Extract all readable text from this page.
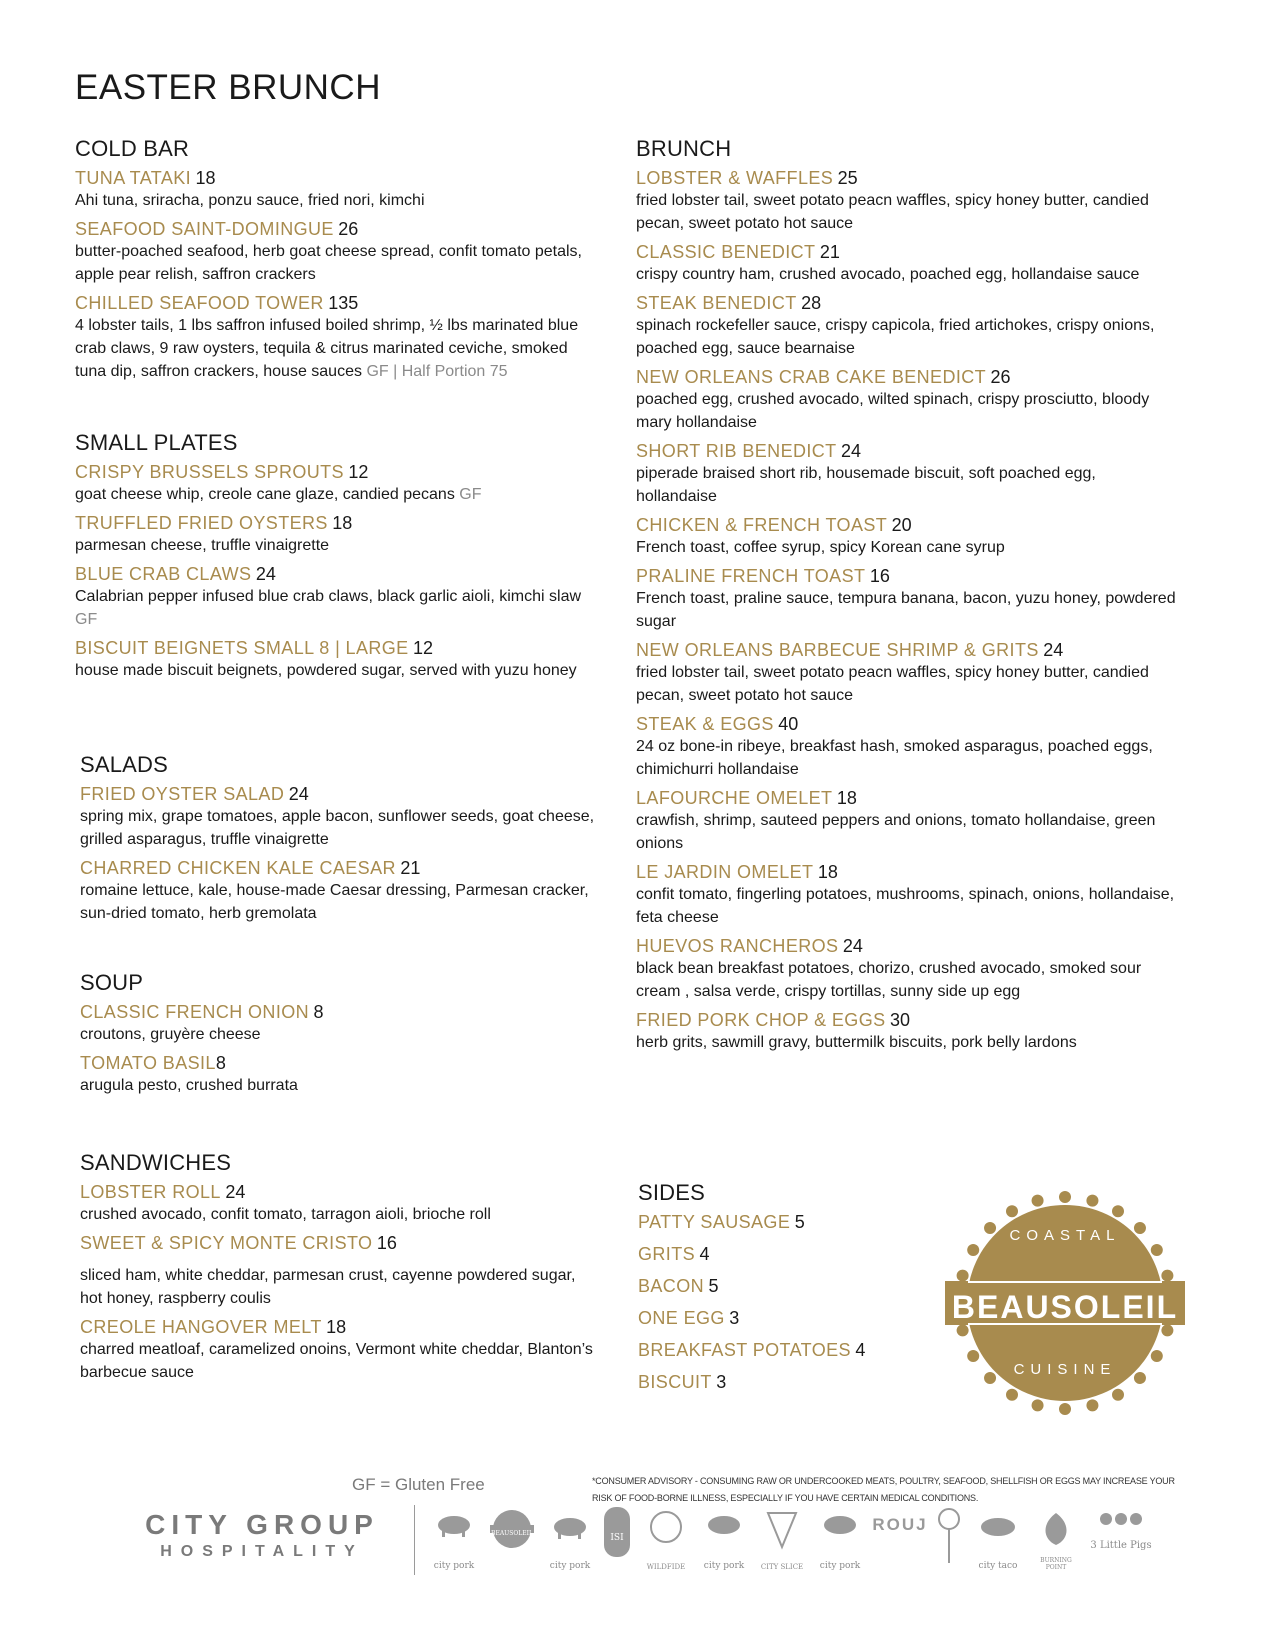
EASTER BRUNCH
COLD BAR
TUNA TATAKI 18
Ahi tuna, sriracha, ponzu sauce, fried nori, kimchi
SEAFOOD SAINT-DOMINGUE 26
butter-poached seafood, herb goat cheese spread, confit tomato petals, apple pear relish, saffron crackers
CHILLED SEAFOOD TOWER 135
4 lobster tails, 1 lbs saffron infused boiled shrimp, ½ lbs marinated blue crab claws, 9 raw oysters, tequila & citrus marinated ceviche, smoked tuna dip, saffron crackers, house sauces GF | Half Portion 75
SMALL PLATES
CRISPY BRUSSELS SPROUTS 12
goat cheese whip, creole cane glaze, candied pecans GF
TRUFFLED FRIED OYSTERS 18
parmesan cheese, truffle vinaigrette
BLUE CRAB CLAWS 24
Calabrian pepper infused blue crab claws, black garlic aioli, kimchi slaw GF
BISCUIT BEIGNETS SMALL 8 | LARGE 12
house made biscuit beignets, powdered sugar, served with yuzu honey
SALADS
FRIED OYSTER SALAD 24
spring mix, grape tomatoes, apple bacon, sunflower seeds, goat cheese, grilled asparagus, truffle vinaigrette
CHARRED CHICKEN KALE CAESAR 21
romaine lettuce, kale, house-made Caesar dressing, Parmesan cracker, sun-dried tomato, herb gremolata
SOUP
CLASSIC FRENCH ONION 8
croutons, gruyère cheese
TOMATO BASIL8
arugula pesto, crushed burrata
SANDWICHES
LOBSTER ROLL 24
crushed avocado, confit tomato, tarragon aioli, brioche roll
SWEET & SPICY MONTE CRISTO 16
sliced ham, white cheddar, parmesan crust, cayenne powdered sugar, hot honey, raspberry coulis
CREOLE HANGOVER MELT 18
charred meatloaf, caramelized onoins, Vermont white cheddar, Blanton’s barbecue sauce
BRUNCH
LOBSTER & WAFFLES 25
fried lobster tail, sweet potato peacn waffles, spicy honey butter, candied pecan, sweet potato hot sauce
CLASSIC BENEDICT 21
crispy country ham, crushed avocado, poached egg, hollandaise sauce
STEAK BENEDICT 28
spinach rockefeller sauce, crispy capicola, fried artichokes, crispy onions, poached egg, sauce bearnaise
NEW ORLEANS CRAB CAKE BENEDICT 26
poached egg, crushed avocado, wilted spinach, crispy prosciutto, bloody mary hollandaise
SHORT RIB BENEDICT 24
piperade braised short rib, housemade biscuit, soft poached egg, hollandaise
CHICKEN & FRENCH TOAST 20
French toast, coffee syrup, spicy Korean cane syrup
PRALINE FRENCH TOAST 16
French toast, praline sauce, tempura banana, bacon, yuzu honey, powdered sugar
NEW ORLEANS BARBECUE SHRIMP & GRITS 24
fried lobster tail, sweet potato peacn waffles, spicy honey butter, candied pecan, sweet potato hot sauce
STEAK & EGGS 40
24 oz bone-in ribeye, breakfast hash, smoked asparagus, poached eggs, chimichurri hollandaise
LAFOURCHE OMELET 18
crawfish, shrimp, sauteed peppers and onions, tomato hollandaise, green onions
LE JARDIN OMELET 18
confit tomato, fingerling potatoes, mushrooms, spinach, onions, hollandaise, feta cheese
HUEVOS RANCHEROS 24
black bean breakfast potatoes, chorizo, crushed avocado, smoked sour cream , salsa verde, crispy tortillas, sunny side up egg
FRIED PORK CHOP & EGGS 30
herb grits, sawmill gravy, buttermilk biscuits, pork belly lardons
SIDES
PATTY SAUSAGE 5
GRITS 4
BACON 5
ONE EGG 3
BREAKFAST POTATOES 4
BISCUIT 3
COASTAL
CUISINE
BEAUSOLEIL
GF = Gluten Free	*CONSUMER ADVISORY - CONSUMING RAW OR UNDERCOOKED MEATS, POULTRY, SEAFOOD, SHELLFISH OR EGGS MAY INCREASE YOUR RISK OF FOOD-BORNE ILLNESS, ESPECIALLY IF YOU HAVE CERTAIN MEDICAL CONDITIONS.
CITY GROUP
HOSPITALITY
city pork
BEAUSOLEIL
city pork
ISI
WILDFIDE	city pork	CITY SLICE	city pork
ROUJ
city taco
BURNING POINT
3 Little Pigs
